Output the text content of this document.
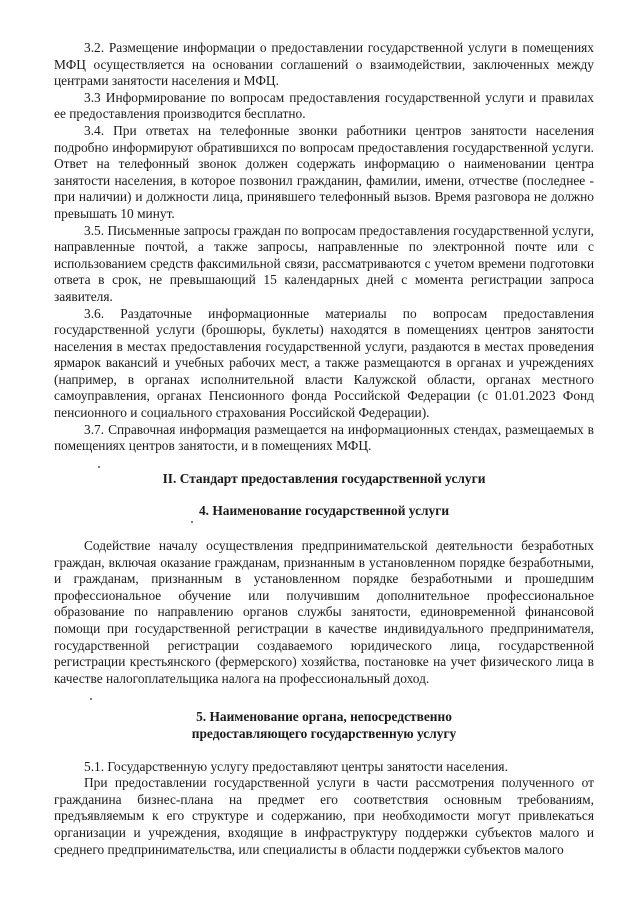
3.2. Размещение информации о предоставлении государственной услуги в помещениях МФЦ осуществляется на основании соглашений о взаимодействии, заключенных между центрами занятости населения и МФЦ.

3.3 Информирование по вопросам предоставления государственной услуги и правилах ее предоставления производится бесплатно.

3.4. При ответах на телефонные звонки работники центров занятости населения подробно информируют обратившихся по вопросам предоставления государственной услуги. Ответ на телефонный звонок должен содержать информацию о наименовании центра занятости населения, в которое позвонил гражданин, фамилии, имени, отчестве (последнее - при наличии) и должности лица, принявшего телефонный вызов. Время разговора не должно превышать 10 минут.

3.5. Письменные запросы граждан по вопросам предоставления государственной услуги, направленные почтой, а также запросы, направленные по электронной почте или с использованием средств факсимильной связи, рассматриваются с учетом времени подготовки ответа в срок, не превышающий 15 календарных дней с момента регистрации запроса заявителя.

3.6. Раздаточные информационные материалы по вопросам предоставления государственной услуги (брошюры, буклеты) находятся в помещениях центров занятости населения в местах предоставления государственной услуги, раздаются в местах проведения ярмарок вакансий и учебных рабочих мест, а также размещаются в органах и учреждениях (например, в органах исполнительной власти Калужской области, органах местного самоуправления, органах Пенсионного фонда Российской Федерации (с 01.01.2023 Фонд пенсионного и социального страхования Российской Федерации).

3.7. Справочная информация размещается на информационных стендах, размещаемых в помещениях центров занятости, и в помещениях МФЦ.

II. Стандарт предоставления государственной услуги

4. Наименование государственной услуги

Содействие началу осуществления предпринимательской деятельности безработных граждан, включая оказание гражданам, признанным в установленном порядке безработными, и гражданам, признанным в установленном порядке безработными и прошедшим профессиональное обучение или получившим дополнительное профессиональное образование по направлению органов службы занятости, единовременной финансовой помощи при государственной регистрации в качестве индивидуального предпринимателя, государственной регистрации создаваемого юридического лица, государственной регистрации крестьянского (фермерского) хозяйства, постановке на учет физического лица в качестве налогоплательщика налога на профессиональный доход.

5. Наименование органа, непосредственно

предоставляющего государственную услугу

5.1. Государственную услугу предоставляют центры занятости населения.

При предоставлении государственной услуги в части рассмотрения полученного от гражданина бизнес-плана на предмет его соответствия основным требованиям, предъявляемым к его структуре и содержанию, при необходимости могут привлекаться организации и учреждения, входящие в инфраструктуру поддержки субъектов малого и среднего предпринимательства, или специалисты в области поддержки субъектов малого
